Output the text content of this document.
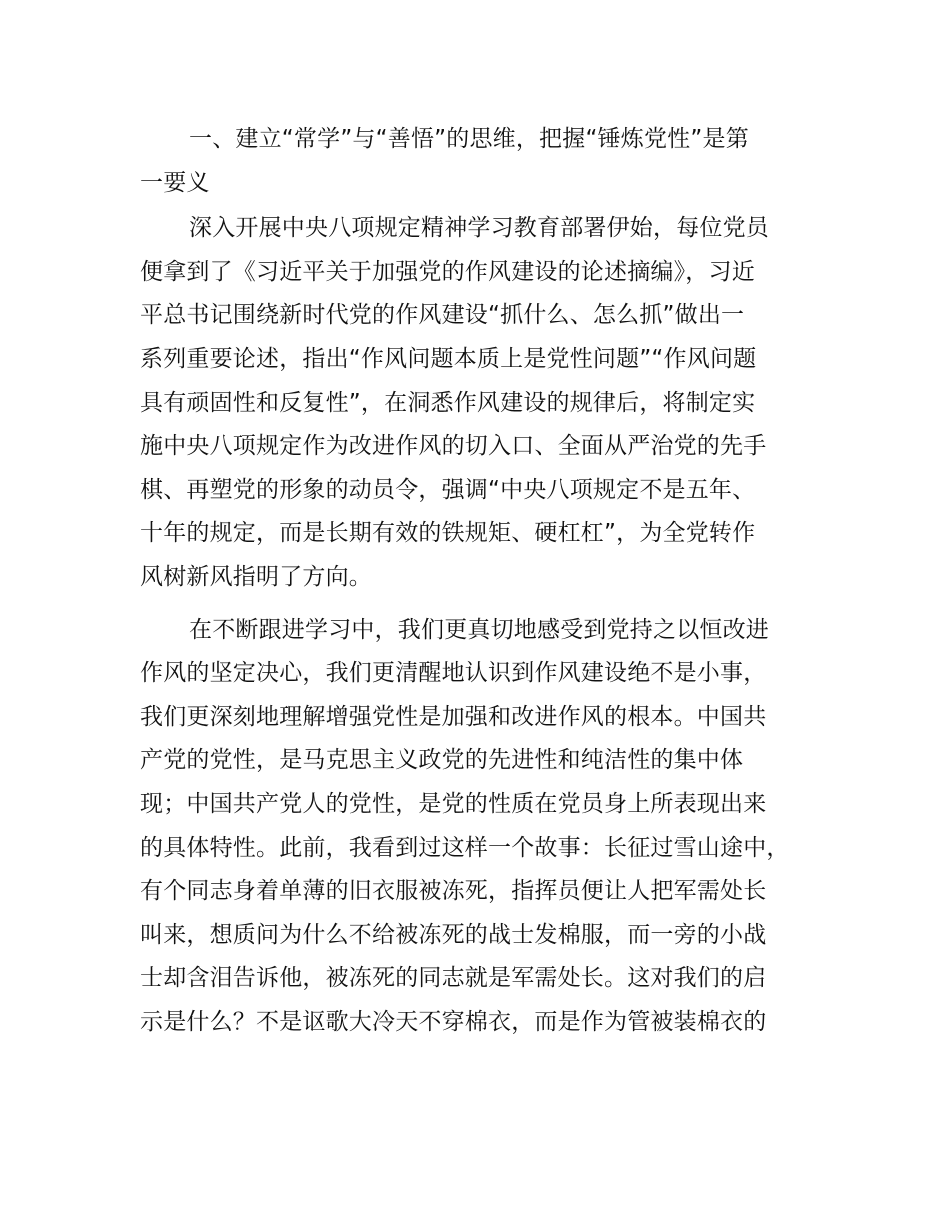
一、建立“常学”与“善悟”的思维，把握“锤炼党性”是第
一要义
深入开展中央八项规定精神学习教育部署伊始，每位党员
便拿到了《习近平关于加强党的作风建设的论述摘编》，习近
平总书记围绕新时代党的作风建设“抓什么、怎么抓”做出一
系列重要论述，指出“作风问题本质上是党性问题”“作风问题
具有顽固性和反复性”，在洞悉作风建设的规律后，将制定实
施中央八项规定作为改进作风的切入口、全面从严治党的先手
棋、再塑党的形象的动员令，强调“中央八项规定不是五年、
十年的规定，而是长期有效的铁规矩、硬杠杠”，为全党转作
风树新风指明了方向。
在不断跟进学习中，我们更真切地感受到党持之以恒改进
作风的坚定决心，我们更清醒地认识到作风建设绝不是小事，
我们更深刻地理解增强党性是加强和改进作风的根本。中国共
产党的党性，是马克思主义政党的先进性和纯洁性的集中体
现；中国共产党人的党性，是党的性质在党员身上所表现出来
的具体特性。此前，我看到过这样一个故事：长征过雪山途中，
有个同志身着单薄的旧衣服被冻死，指挥员便让人把军需处长
叫来，想质问为什么不给被冻死的战士发棉服，而一旁的小战
士却含泪告诉他，被冻死的同志就是军需处长。这对我们的启
示是什么？不是讴歌大冷天不穿棉衣，而是作为管被装棉衣的
